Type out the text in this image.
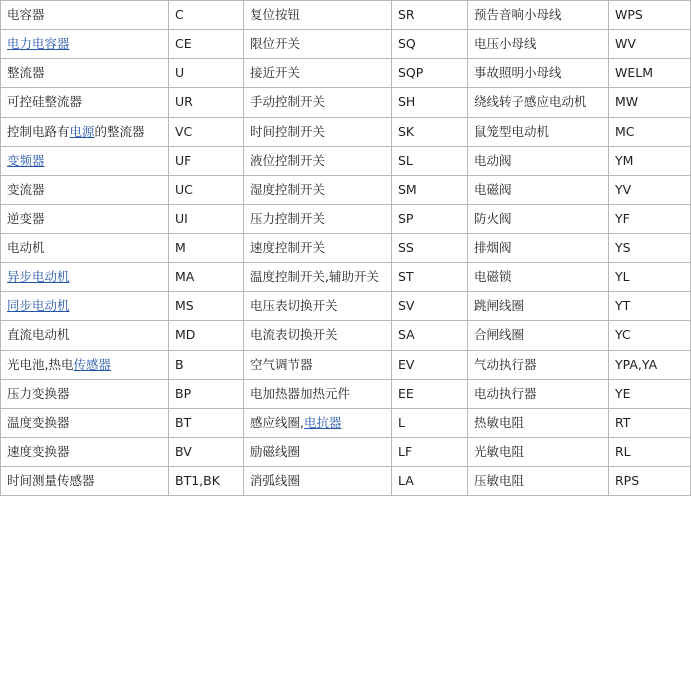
电容器	C	复位按钮	SR	预告音响小母线	WPS

电力电容器	CE	限位开关	SQ	电压小母线	WV

整流器	U	接近开关	SQP	事故照明小母线	WELM

可控硅整流器	UR	手动控制开关	SH	绕线转子感应电动机	MW

控制电路有电源的整流器	VC	时间控制开关	SK	鼠笼型电动机	MC

变频器	UF	液位控制开关	SL	电动阀	YM

变流器	UC	湿度控制开关	SM	电磁阀	YV

逆变器	UI	压力控制开关	SP	防火阀	YF

电动机	M	速度控制开关	SS	排烟阀	YS

异步电动机	MA	温度控制开关,辅助开关	ST	电磁锁	YL

同步电动机	MS	电压表切换开关	SV	跳闸线圈	YT

直流电动机	MD	电流表切换开关	SA	合闸线圈	YC

光电池,热电传感器	B	空气调节器	EV	气动执行器	YPA,YA

压力变换器	BP	电加热器加热元件	EE	电动执行器	YE

温度变换器	BT	感应线圈,电抗器	L	热敏电阻	RT

速度变换器	BV	励磁线圈	LF	光敏电阻	RL

时间测量传感器	BT1,BK	消弧线圈	LA	压敏电阻	RPS
